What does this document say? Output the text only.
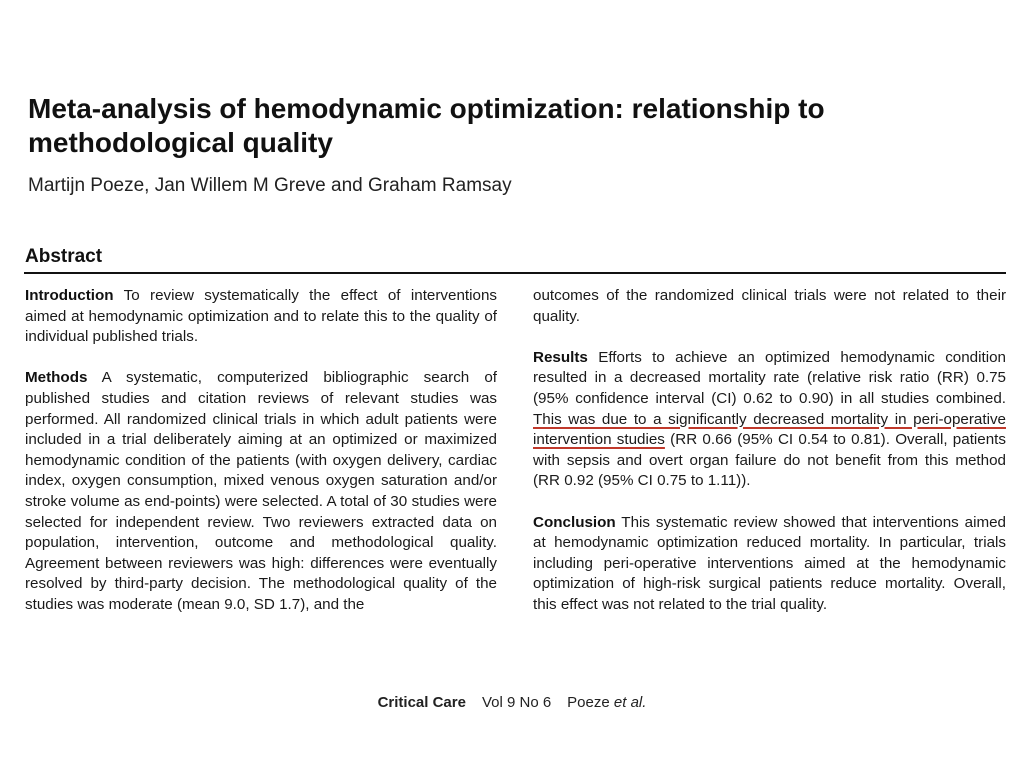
Meta-analysis of hemodynamic optimization: relationship to methodological quality
Martijn Poeze, Jan Willem M Greve and Graham Ramsay
Abstract

Introduction To review systematically the effect of interventions aimed at hemodynamic optimization and to relate this to the quality of individual published trials.

Methods A systematic, computerized bibliographic search of published studies and citation reviews of relevant studies was performed. All randomized clinical trials in which adult patients were included in a trial deliberately aiming at an optimized or maximized hemodynamic condition of the patients (with oxygen delivery, cardiac index, oxygen consumption, mixed venous oxygen saturation and/or stroke volume as end-points) were selected. A total of 30 studies were selected for independent review. Two reviewers extracted data on population, intervention, outcome and methodological quality. Agreement between reviewers was high: differences were eventually resolved by third-party decision. The methodological quality of the studies was moderate (mean 9.0, SD 1.7), and the

outcomes of the randomized clinical trials were not related to their quality.

Results Efforts to achieve an optimized hemodynamic condition resulted in a decreased mortality rate (relative risk ratio (RR) 0.75 (95% confidence interval (CI) 0.62 to 0.90) in all studies combined. This was due to a significantly decreased mortality in peri-operative intervention studies (RR 0.66 (95% CI 0.54 to 0.81). Overall, patients with sepsis and overt organ failure do not benefit from this method (RR 0.92 (95% CI 0.75 to 1.11)).

Conclusion This systematic review showed that interventions aimed at hemodynamic optimization reduced mortality. In particular, trials including peri-operative interventions aimed at the hemodynamic optimization of high-risk surgical patients reduce mortality. Overall, this effect was not related to the trial quality.

Critical Care Vol 9 No 6 Poeze et al.
